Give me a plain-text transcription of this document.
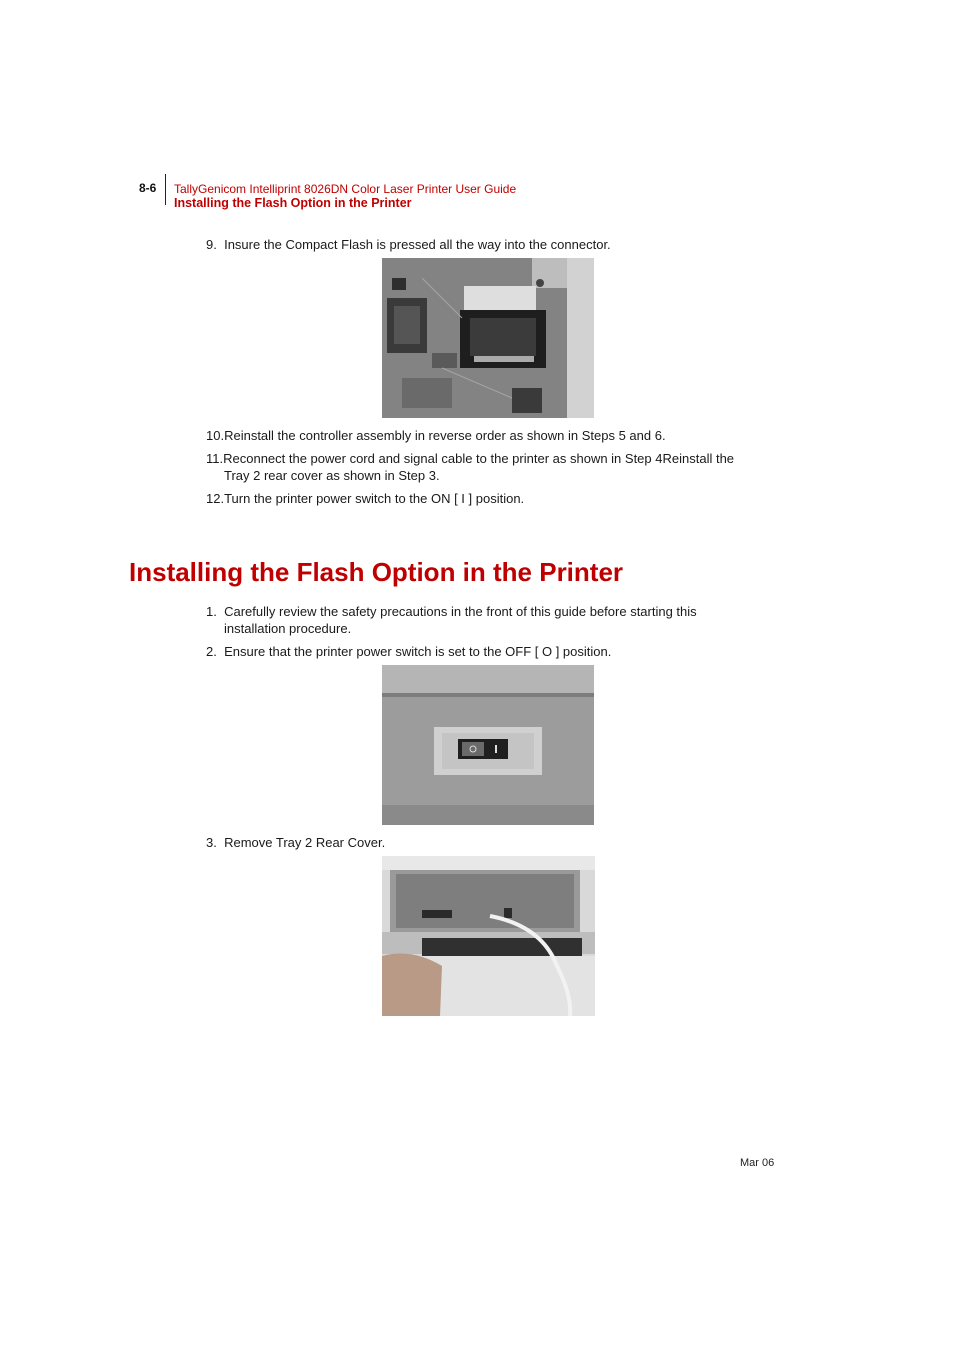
8-6 TallyGenicom Intelliprint 8026DN Color Laser Printer User Guide
Installing the Flash Option in the Printer
9. Insure the Compact Flash is pressed all the way into the connector.
10.Reinstall the controller assembly in reverse order as shown in Steps 5 and 6.
11.Reconnect the power cord and signal cable to the printer as shown in Step 4Reinstall the
Tray 2 rear cover as shown in Step 3.
12.Turn the printer power switch to the ON [ I ] position.
Installing the Flash Option in the Printer
1. Carefully review the safety precautions in the front of this guide before starting this
installation procedure.
2. Ensure that the printer power switch is set to the OFF [ O ] position.
3. Remove Tray 2 Rear Cover.
Mar 06
